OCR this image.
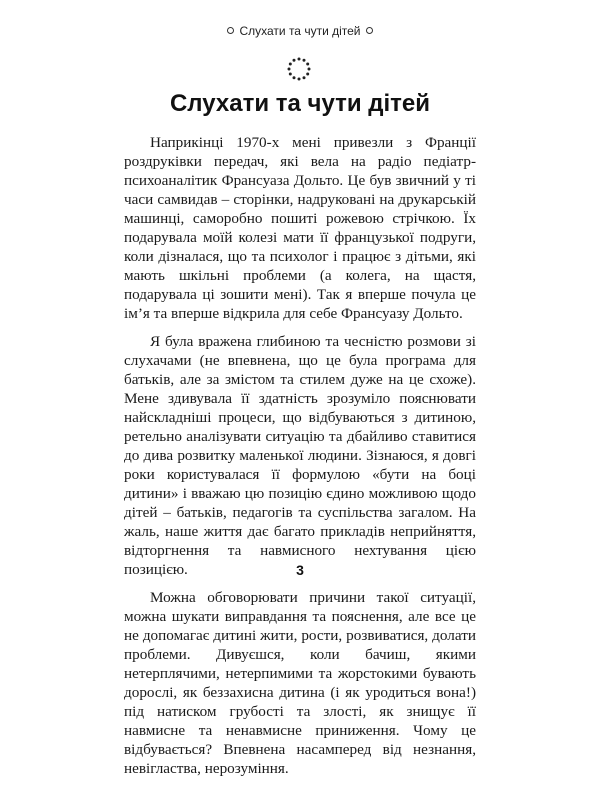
Слухати та чути дітей
Слухати та чути дітей

Наприкінці 1970-х мені привезли з Франції роздруківки передач, які вела на радіо педіатр-психоаналітик Франсуаза Дольто. Це був звичний у ті часи самвидав – сторінки, надруковані на друкарській машинці, саморобно пошиті рожевою стрічкою. Їх подарувала моїй колезі мати її французької подруги, коли дізналася, що та психолог і працює з дітьми, які мають шкільні проблеми (а колега, на щастя, подарувала ці зошити мені). Так я вперше почула це ім’я та вперше відкрила для себе Франсуазу Дольто.

Я була вражена глибиною та чесністю розмови зі слухачами (не впевнена, що це була програма для батьків, але за змістом та стилем дуже на це схоже). Мене здивувала її здатність зрозуміло пояснювати найскладніші процеси, що відбуваються з дитиною, ретельно аналізувати ситуацію та дбайливо ставитися до дива розвитку маленької людини. Зізнаюся, я довгі роки користувалася її формулою «бути на боці дитини» і вважаю цю позицію єдино можливою щодо дітей – батьків, педагогів та суспільства загалом. На жаль, наше життя дає багато прикладів неприйняття, відторгнення та навмисного нехтування цією позицією.

Можна обговорювати причини такої ситуації, можна шукати виправдання та пояснення, але все це не допомагає дитині жити, рости, розвиватися, долати проблеми. Дивуєшся, коли бачиш, якими нетерплячими, нетерпимими та жорстокими бувають дорослі, як беззахисна дитина (і як уродиться вона!) під натиском грубості та злості, як знищує її навмисне та ненавмисне приниження. Чому це відбувається? Впевнена насамперед від незнання, невігластва, нерозуміння.

3
